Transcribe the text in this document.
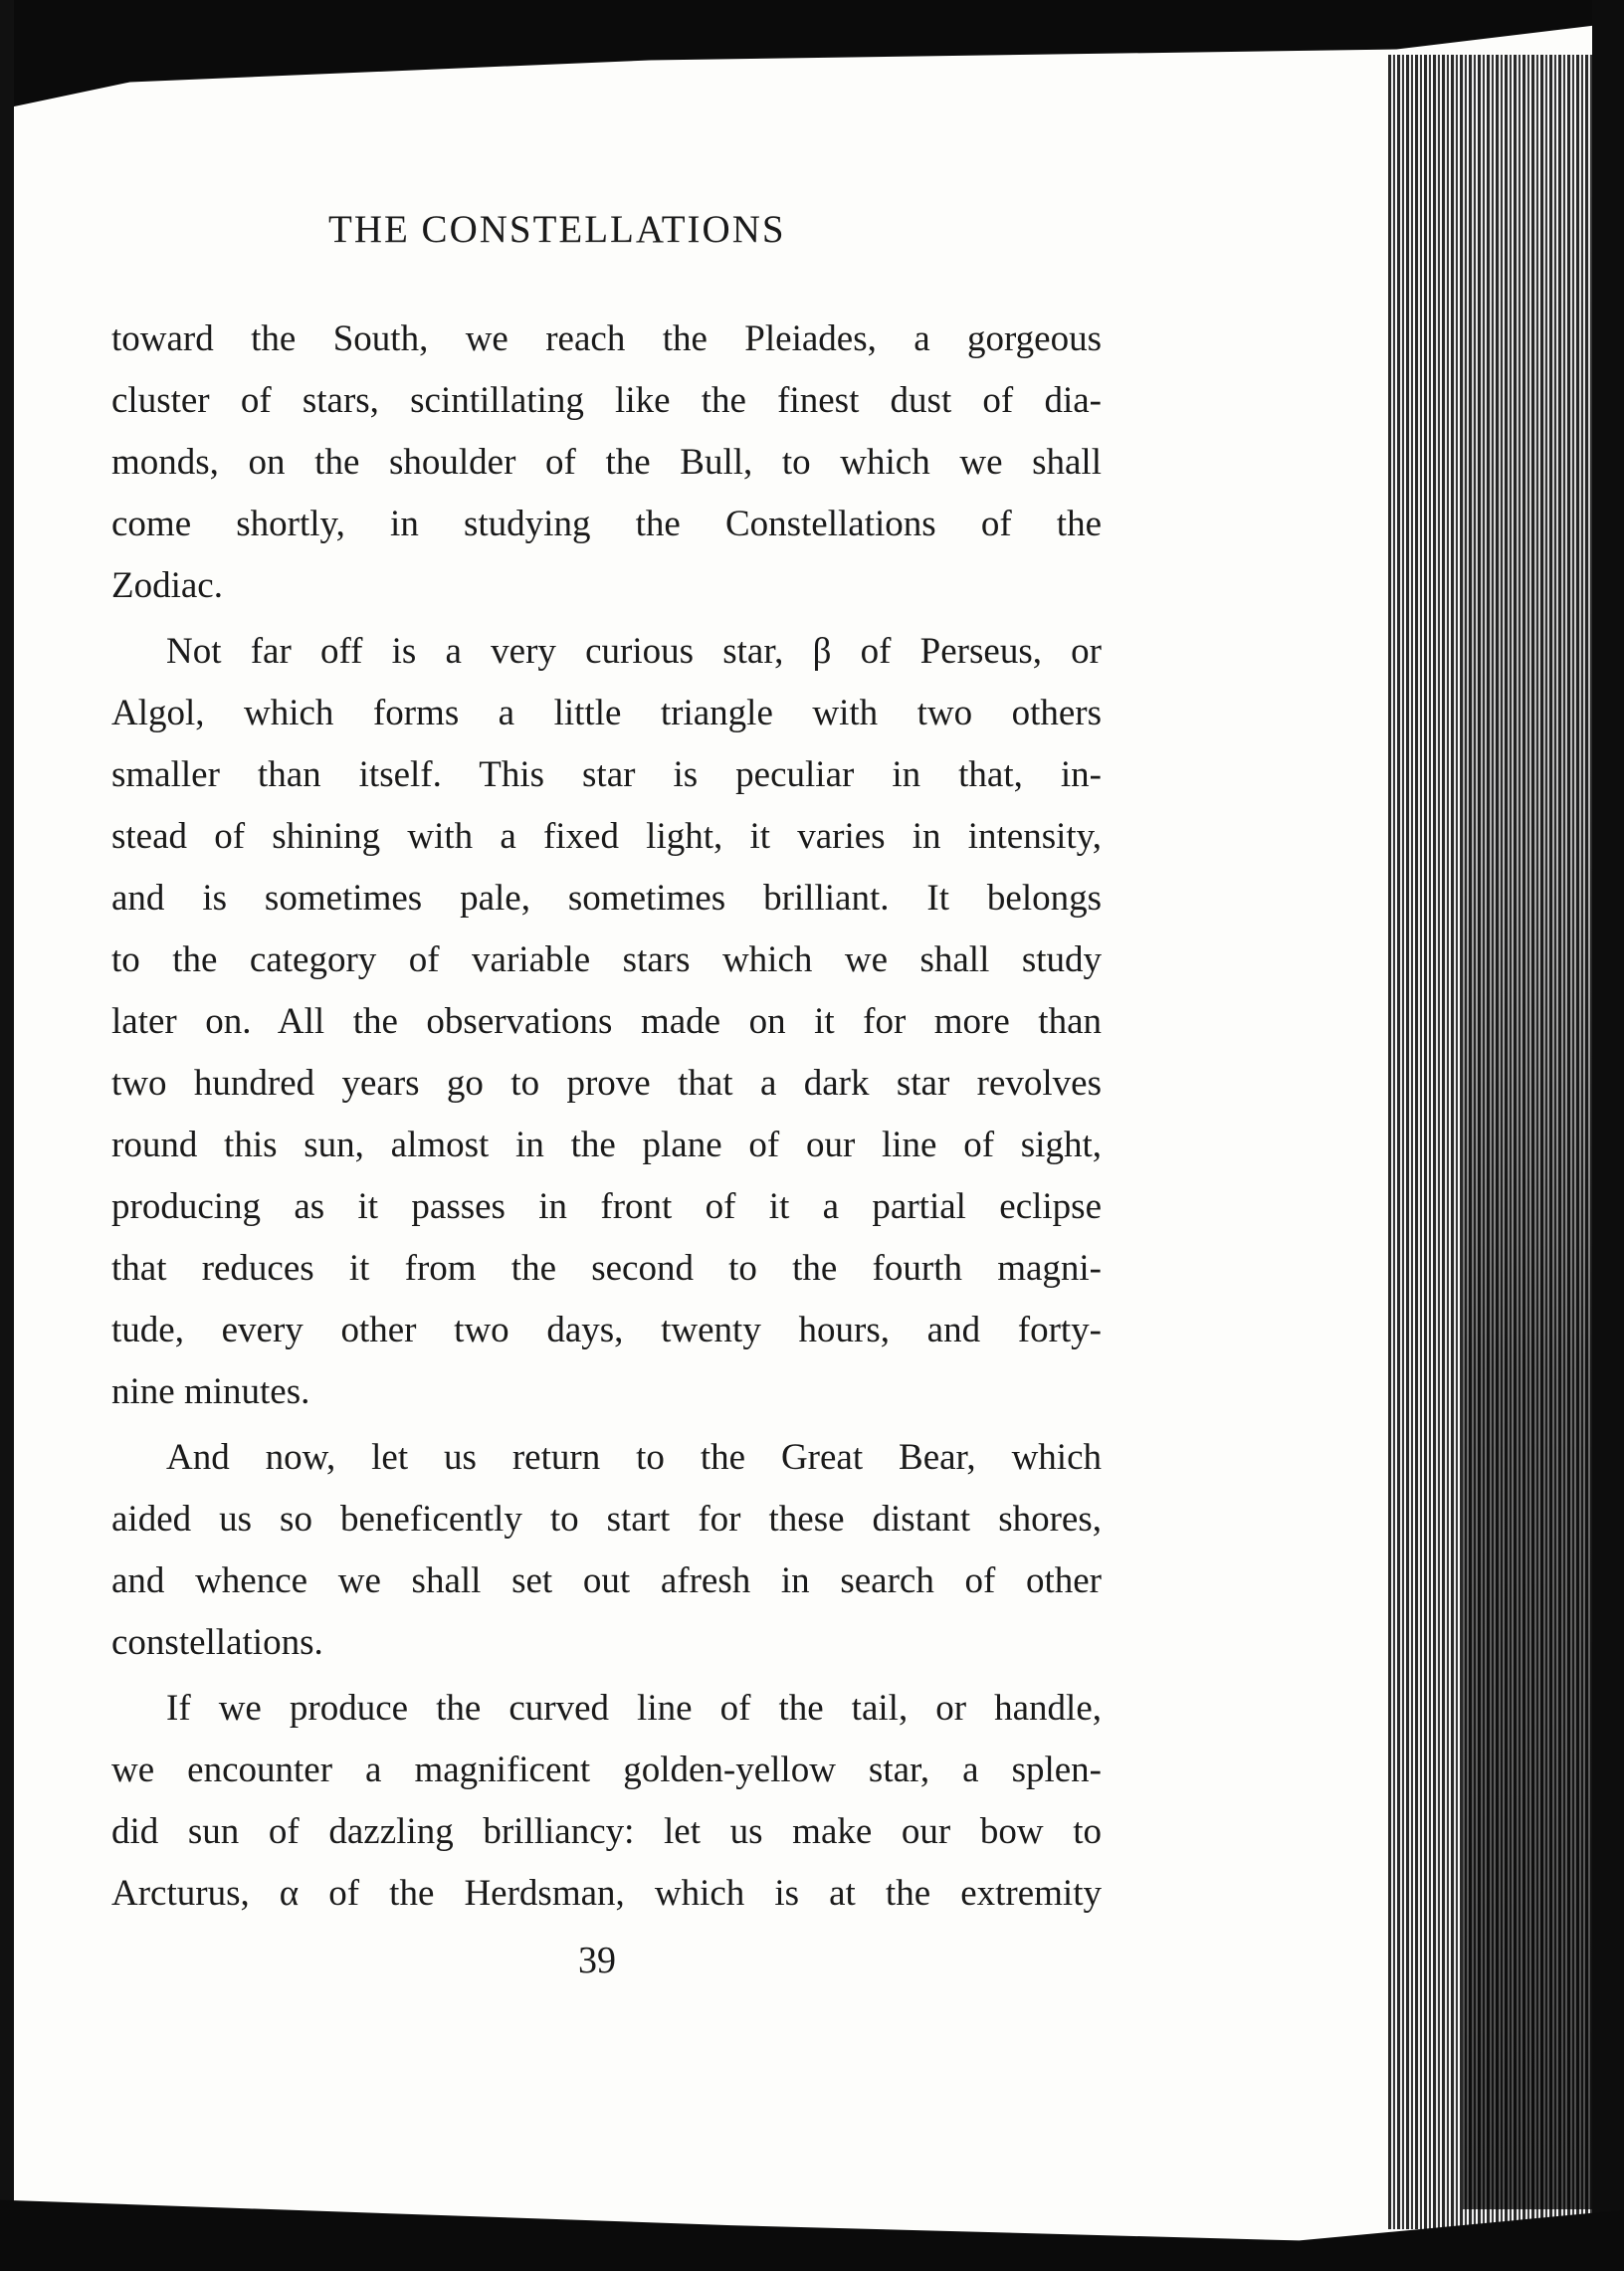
THE CONSTELLATIONS

toward the South, we reach the Pleiades, a gorgeous
cluster of stars, scintillating like the finest dust of dia-
monds, on the shoulder of the Bull, to which we shall
come shortly, in studying the Constellations of the
Zodiac.

Not far off is a very curious star, β of Perseus, or
Algol, which forms a little triangle with two others
smaller than itself. This star is peculiar in that, in-
stead of shining with a fixed light, it varies in intensity,
and is sometimes pale, sometimes brilliant. It belongs
to the category of variable stars which we shall study
later on. All the observations made on it for more than
two hundred years go to prove that a dark star revolves
round this sun, almost in the plane of our line of sight,
producing as it passes in front of it a partial eclipse
that reduces it from the second to the fourth magni-
tude, every other two days, twenty hours, and forty-
nine minutes.

And now, let us return to the Great Bear, which
aided us so beneficently to start for these distant shores,
and whence we shall set out afresh in search of other
constellations.

If we produce the curved line of the tail, or handle,
we encounter a magnificent golden-yellow star, a splen-
did sun of dazzling brilliancy: let us make our bow to
Arcturus, α of the Herdsman, which is at the extremity

39
